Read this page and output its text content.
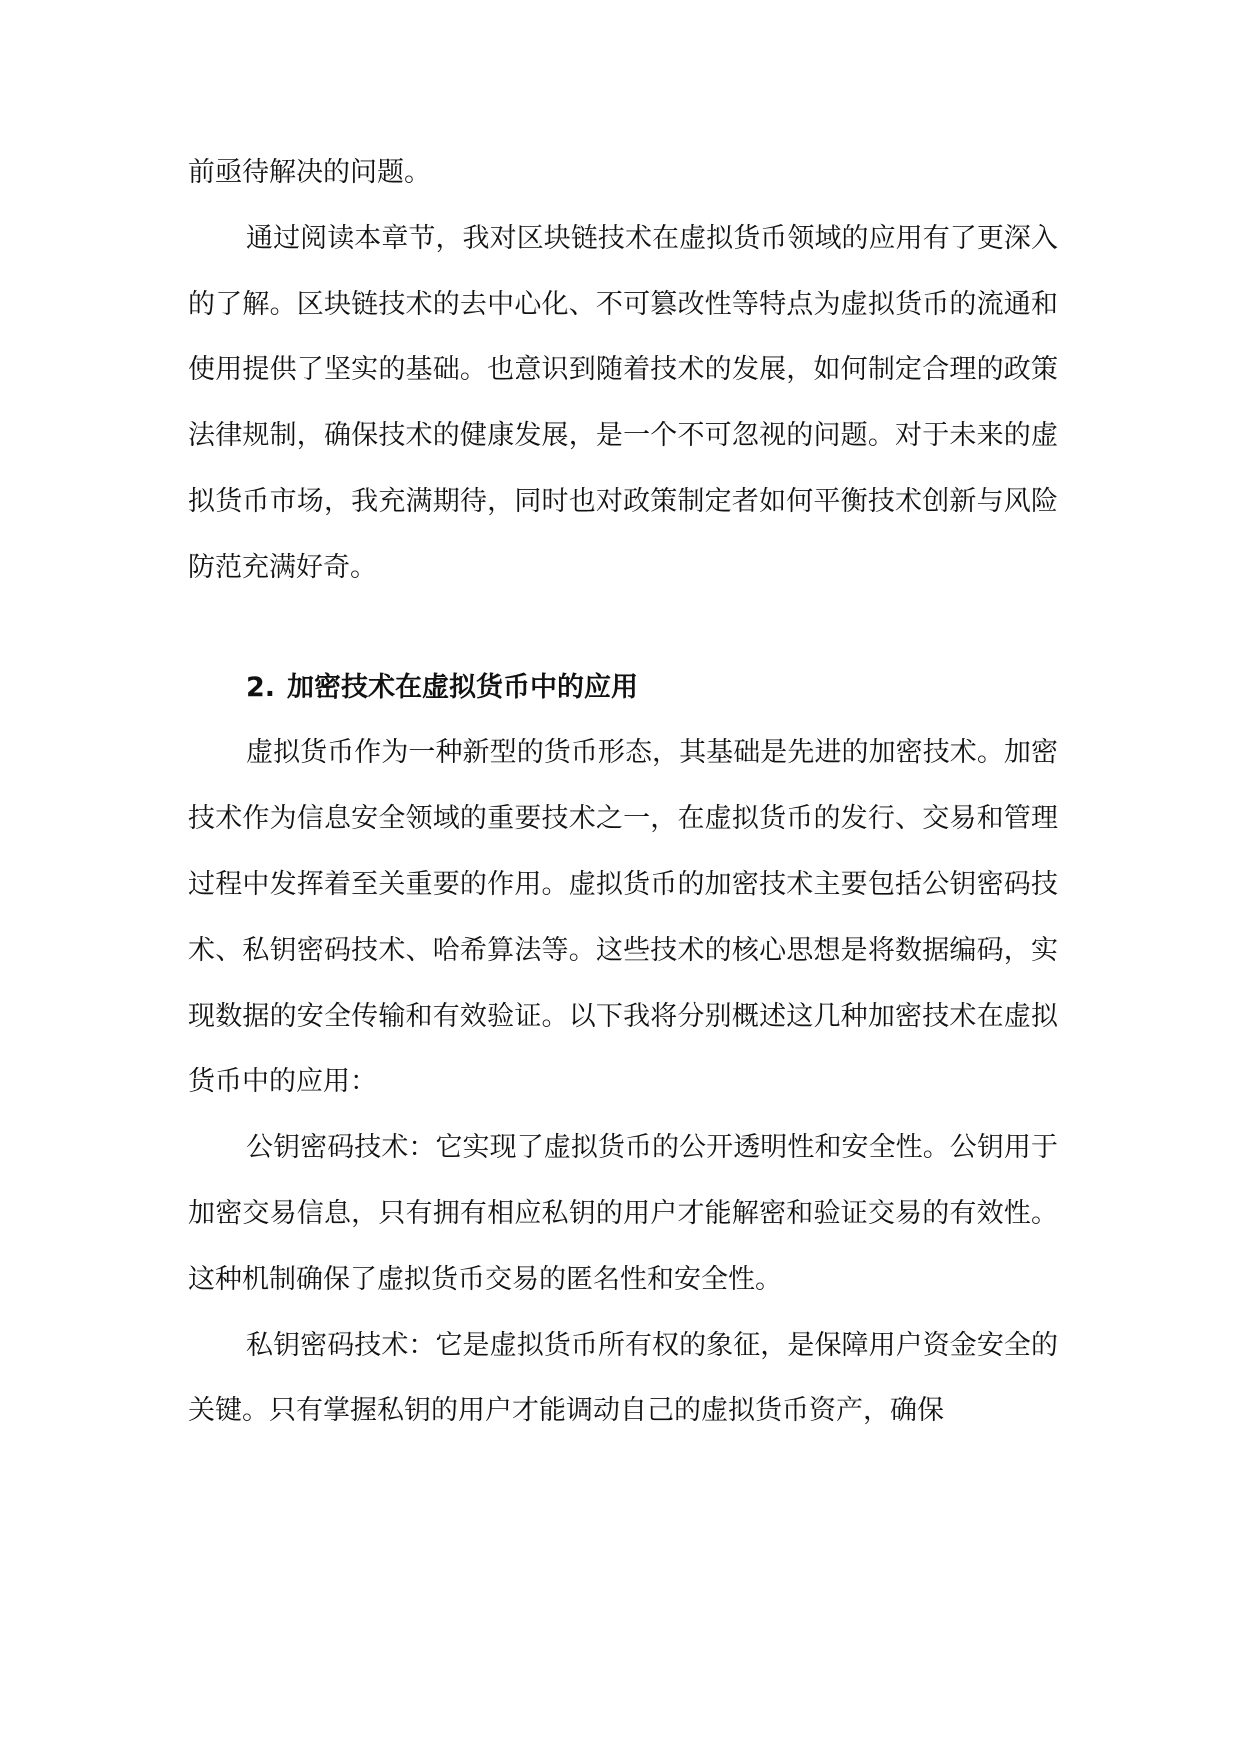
前亟待解决的问题。

通过阅读本章节，我对区块链技术在虚拟货币领域的应用有了更深入的了解。区块链技术的去中心化、不可篡改性等特点为虚拟货币的流通和使用提供了坚实的基础。也意识到随着技术的发展，如何制定合理的政策法律规制，确保技术的健康发展，是一个不可忽视的问题。对于未来的虚拟货币市场，我充满期待，同时也对政策制定者如何平衡技术创新与风险防范充满好奇。

2. 加密技术在虚拟货币中的应用

虚拟货币作为一种新型的货币形态，其基础是先进的加密技术。加密技术作为信息安全领域的重要技术之一，在虚拟货币的发行、交易和管理过程中发挥着至关重要的作用。虚拟货币的加密技术主要包括公钥密码技术、私钥密码技术、哈希算法等。这些技术的核心思想是将数据编码，实现数据的安全传输和有效验证。以下我将分别概述这几种加密技术在虚拟货币中的应用：

公钥密码技术：它实现了虚拟货币的公开透明性和安全性。公钥用于加密交易信息，只有拥有相应私钥的用户才能解密和验证交易的有效性。这种机制确保了虚拟货币交易的匿名性和安全性。

私钥密码技术：它是虚拟货币所有权的象征，是保障用户资金安全的关键。只有掌握私钥的用户才能调动自己的虚拟货币资产，确保
